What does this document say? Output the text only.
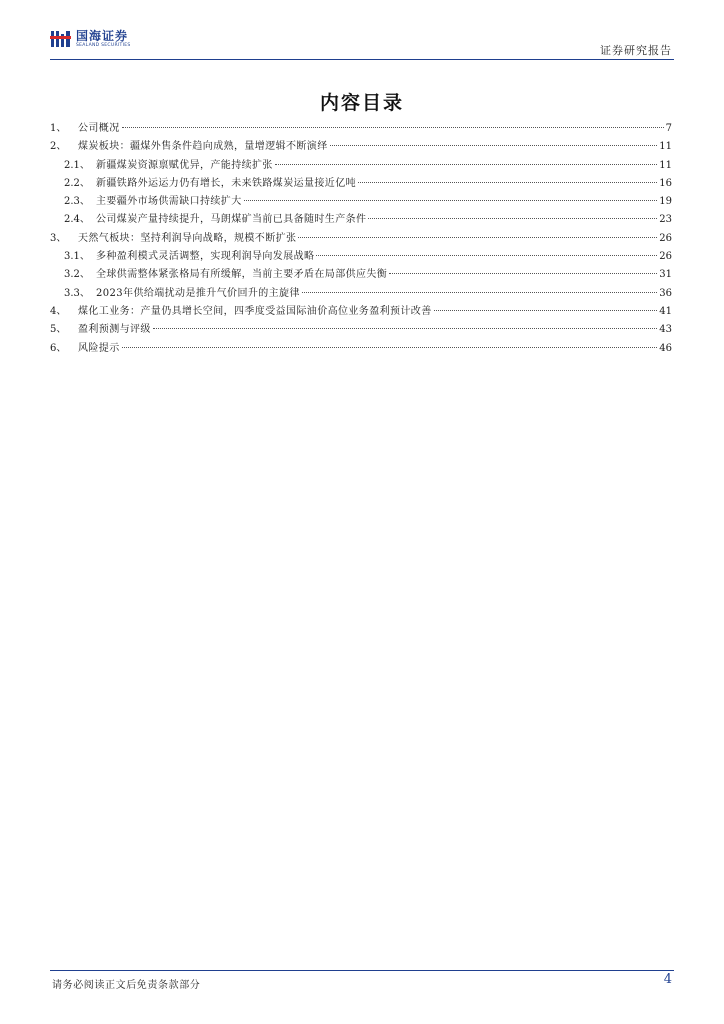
国海证券
SEALAND SECURITIES	证券研究报告
内容目录
1、	公司概况	7
2、	煤炭板块：疆煤外售条件趋向成熟，量增逻辑不断演绎	11
2.1、 新疆煤炭资源禀赋优异，产能持续扩张	11
2.2、 新疆铁路外运运力仍有增长，未来铁路煤炭运量接近亿吨	16
2.3、 主要疆外市场供需缺口持续扩大	19
2.4、 公司煤炭产量持续提升，马朗煤矿当前已具备随时生产条件	23
3、	天然气板块：坚持利润导向战略，规模不断扩张	26
3.1、 多种盈利模式灵活调整，实现利润导向发展战略	26
3.2、 全球供需整体紧张格局有所缓解，当前主要矛盾在局部供应失衡	31
3.3、 2023年供给端扰动是推升气价回升的主旋律	36
4、	煤化工业务：产量仍具增长空间，四季度受益国际油价高位业务盈利预计改善	41
5、	盈利预测与评级	43
6、	风险提示	46
请务必阅读正文后免责条款部分	4
